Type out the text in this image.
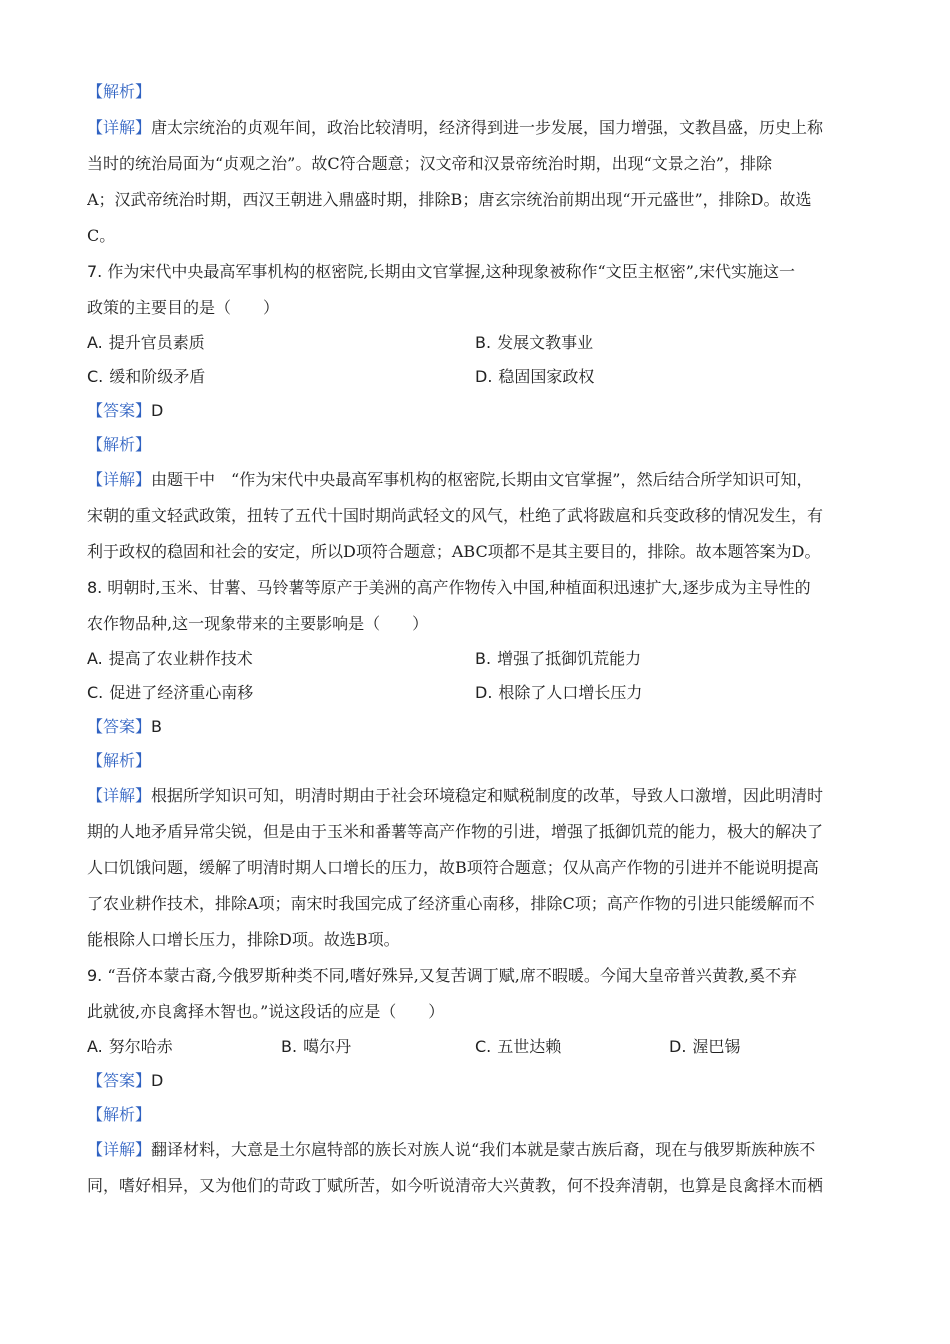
【解析】
【详解】唐太宗统治的贞观年间，政治比较清明，经济得到进一步发展，国力增强，文教昌盛，历史上称
当时的统治局面为“贞观之治”。故C符合题意；汉文帝和汉景帝统治时期，出现“文景之治”，排除
A；汉武帝统治时期，西汉王朝进入鼎盛时期，排除B；唐玄宗统治前期出现“开元盛世”，排除D。故选
C。
7. 作为宋代中央最高军事机构的枢密院,长期由文官掌握,这种现象被称作“文臣主枢密”,宋代实施这一
政策的主要目的是（　　）
A. 提升官员素质	B. 发展文教事业
C. 缓和阶级矛盾	D. 稳固国家政权
【答案】D
【解析】
【详解】由题干中　“作为宋代中央最高军事机构的枢密院,长期由文官掌握”，然后结合所学知识可知，
宋朝的重文轻武政策，扭转了五代十国时期尚武轻文的风气，杜绝了武将跋扈和兵变政移的情况发生，有
利于政权的稳固和社会的安定，所以D项符合题意；ABC项都不是其主要目的，排除。故本题答案为D。
8. 明朝时,玉米、甘薯、马铃薯等原产于美洲的高产作物传入中国,种植面积迅速扩大,逐步成为主导性的
农作物品种,这一现象带来的主要影响是（　　）
A. 提高了农业耕作技术	B. 增强了抵御饥荒能力
C. 促进了经济重心南移	D. 根除了人口增长压力
【答案】B
【解析】
【详解】根据所学知识可知，明清时期由于社会环境稳定和赋税制度的改革，导致人口激增，因此明清时
期的人地矛盾异常尖锐，但是由于玉米和番薯等高产作物的引进，增强了抵御饥荒的能力，极大的解决了
人口饥饿问题，缓解了明清时期人口增长的压力，故B项符合题意；仅从高产作物的引进并不能说明提高
了农业耕作技术，排除A项；南宋时我国完成了经济重心南移，排除C项；高产作物的引进只能缓解而不
能根除人口增长压力，排除D项。故选B项。
9. “吾侪本蒙古裔,今俄罗斯种类不同,嗜好殊异,又复苦调丁赋,席不暇暖。今闻大皇帝普兴黄教,奚不弃
此就彼,亦良禽择木智也。”说这段话的应是（　　）
A. 努尔哈赤	B. 噶尔丹	C. 五世达赖	D. 渥巴锡
【答案】D
【解析】
【详解】翻译材料，大意是土尔扈特部的族长对族人说“我们本就是蒙古族后裔，现在与俄罗斯族种族不
同，嗜好相异，又为他们的苛政丁赋所苦，如今听说清帝大兴黄教，何不投奔清朝，也算是良禽择木而栖
